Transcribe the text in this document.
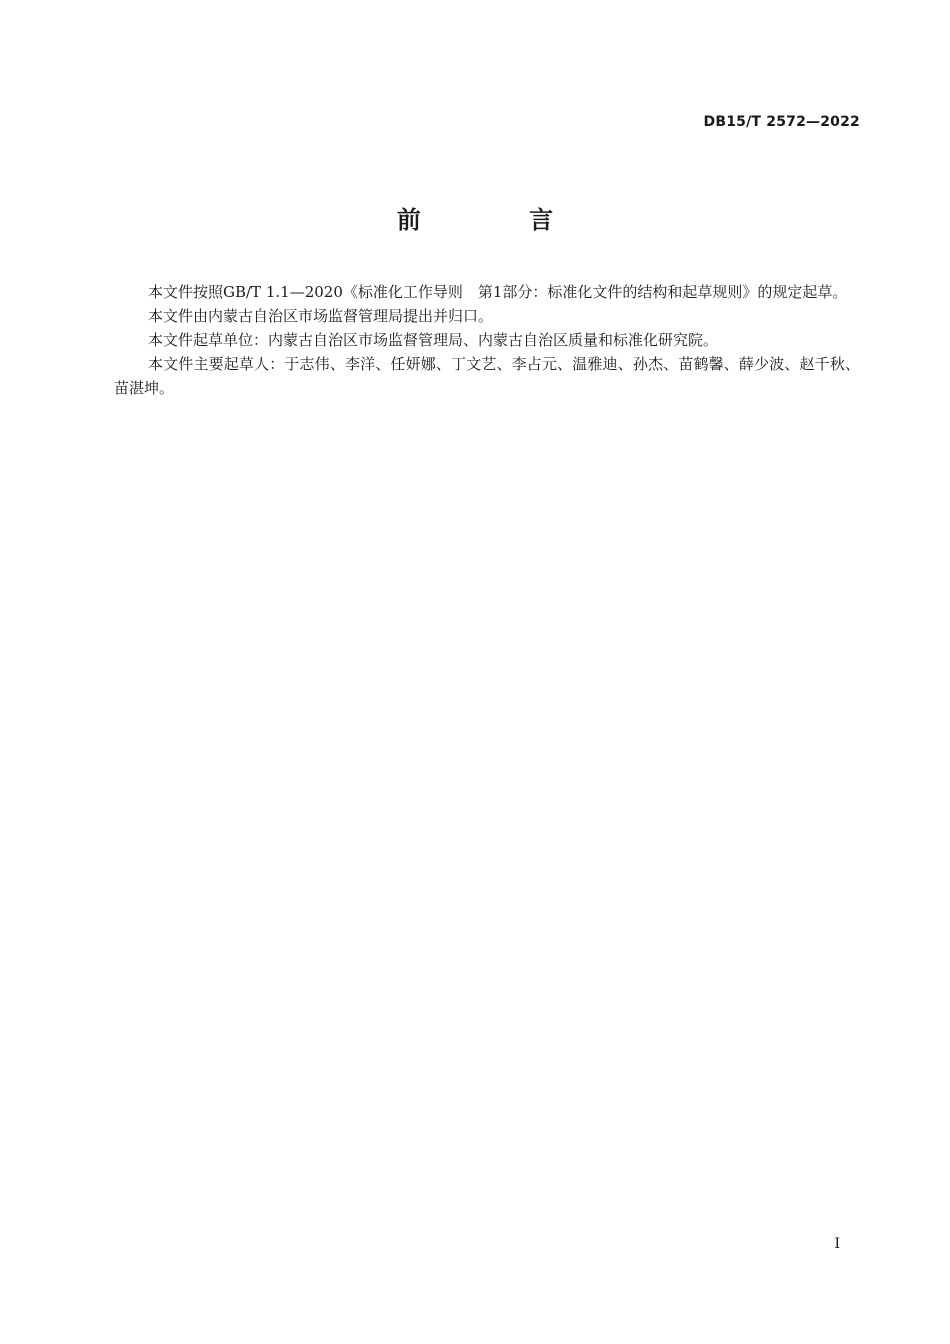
DB15/T 2572—2022
前 言

本文件按照GB/T 1.1—2020《标准化工作导则　第1部分：标准化文件的结构和起草规则》的规定起草。

本文件由内蒙古自治区市场监督管理局提出并归口。

本文件起草单位：内蒙古自治区市场监督管理局、内蒙古自治区质量和标准化研究院。

本文件主要起草人：于志伟、李洋、任妍娜、丁文艺、李占元、温雅迪、孙杰、苗鹤馨、薛少波、赵千秋、苗湛坤。

I
